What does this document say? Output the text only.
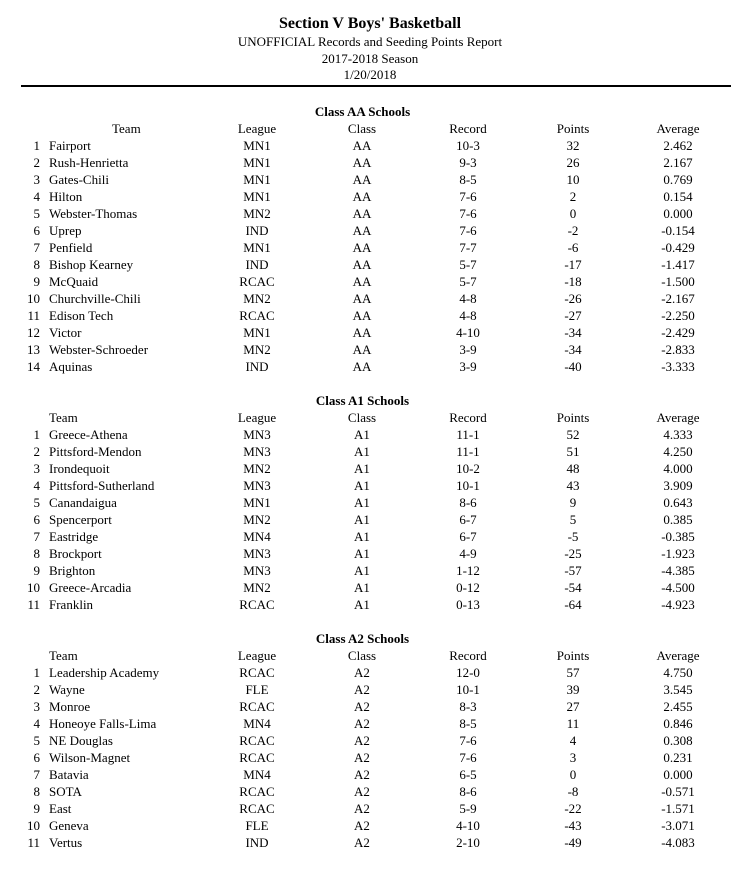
Section V Boys' Basketball
UNOFFICIAL Records and Seeding Points Report
2017-2018 Season
1/20/2018
Class AA Schools
Team	League	Class	Record	Points	Average
1 Fairport	MN1	AA	10-3	32	2.462
2 Rush-Henrietta	MN1	AA	9-3	26	2.167
3 Gates-Chili	MN1	AA	8-5	10	0.769
4 Hilton	MN1	AA	7-6	2	0.154
5 Webster-Thomas	MN2	AA	7-6	0	0.000
6 Uprep	IND	AA	7-6	-2	-0.154
7 Penfield	MN1	AA	7-7	-6	-0.429
8 Bishop Kearney	IND	AA	5-7	-17	-1.417
9 McQuaid	RCAC	AA	5-7	-18	-1.500
10 Churchville-Chili	MN2	AA	4-8	-26	-2.167
11 Edison Tech	RCAC	AA	4-8	-27	-2.250
12 Victor	MN1	AA	4-10	-34	-2.429
13 Webster-Schroeder	MN2	AA	3-9	-34	-2.833
14 Aquinas	IND	AA	3-9	-40	-3.333
Class A1 Schools
Team	League	Class	Record	Points	Average
1 Greece-Athena	MN3	A1	11-1	52	4.333
2 Pittsford-Mendon	MN3	A1	11-1	51	4.250
3 Irondequoit	MN2	A1	10-2	48	4.000
4 Pittsford-Sutherland	MN3	A1	10-1	43	3.909
5 Canandaigua	MN1	A1	8-6	9	0.643
6 Spencerport	MN2	A1	6-7	5	0.385
7 Eastridge	MN4	A1	6-7	-5	-0.385
8 Brockport	MN3	A1	4-9	-25	-1.923
9 Brighton	MN3	A1	1-12	-57	-4.385
10 Greece-Arcadia	MN2	A1	0-12	-54	-4.500
11 Franklin	RCAC	A1	0-13	-64	-4.923
Class A2 Schools
Team	League	Class	Record	Points	Average
1 Leadership Academy	RCAC	A2	12-0	57	4.750
2 Wayne	FLE	A2	10-1	39	3.545
3 Monroe	RCAC	A2	8-3	27	2.455
4 Honeoye Falls-Lima	MN4	A2	8-5	11	0.846
5 NE Douglas	RCAC	A2	7-6	4	0.308
6 Wilson-Magnet	RCAC	A2	7-6	3	0.231
7 Batavia	MN4	A2	6-5	0	0.000
8 SOTA	RCAC	A2	8-6	-8	-0.571
9 East	RCAC	A2	5-9	-22	-1.571
10 Geneva	FLE	A2	4-10	-43	-3.071
11 Vertus	IND	A2	2-10	-49	-4.083
